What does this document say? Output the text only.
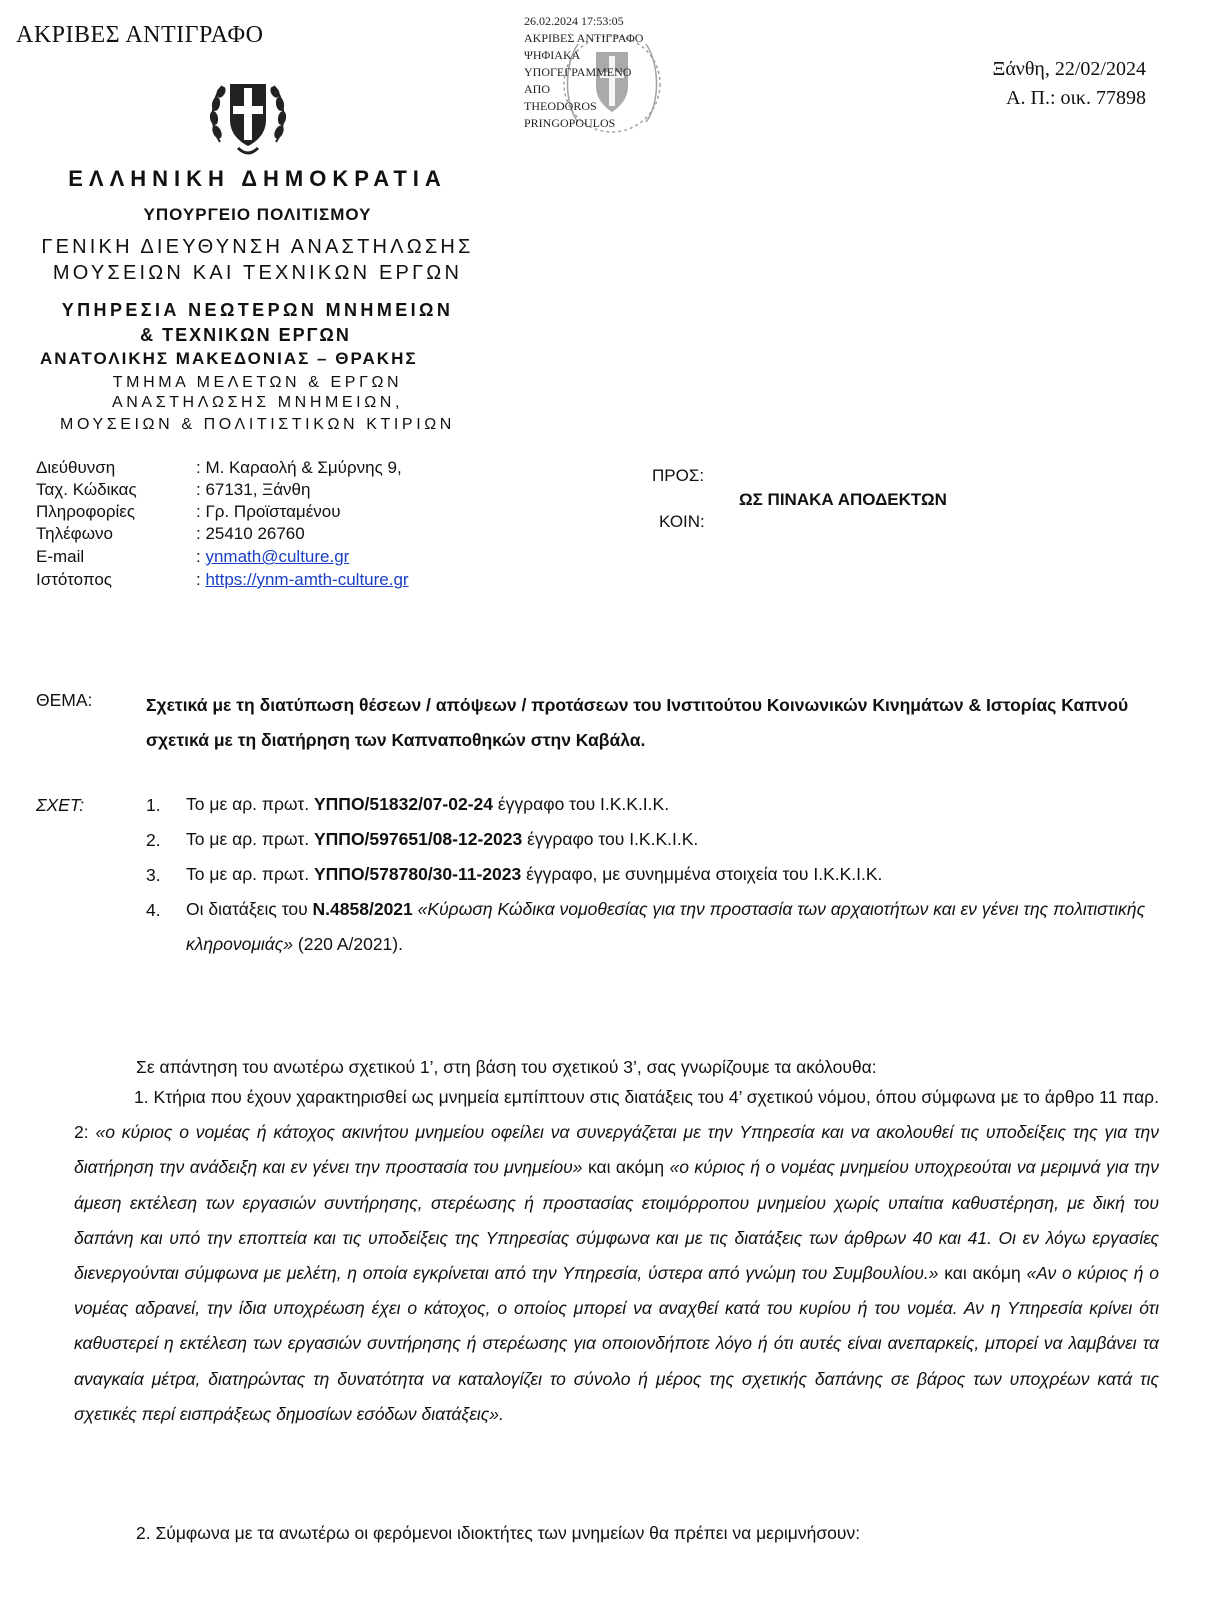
ΑΚΡΙΒΕΣ ΑΝΤΙΓΡΑΦΟ
ΕΛΛΗΝΙΚΗ ΔΗΜΟΚΡΑΤΙΑ
ΥΠΟΥΡΓΕΙΟ ΠΟΛΙΤΙΣΜΟΥ
ΓΕΝΙΚΗ ΔΙΕΥΘΥΝΣΗ ΑΝΑΣΤΗΛΩΣΗΣ
ΜΟΥΣΕΙΩΝ ΚΑΙ ΤΕΧΝΙΚΩΝ ΕΡΓΩΝ
ΥΠΗΡΕΣΙΑ ΝΕΩΤΕΡΩΝ ΜΝΗΜΕΙΩΝ
& ΤΕΧΝΙΚΩΝ ΕΡΓΩΝ
ΑΝΑΤΟΛΙΚΗΣ ΜΑΚΕΔΟΝΙΑΣ – ΘΡΑΚΗΣ
ΤΜΗΜΑ ΜΕΛΕΤΩΝ & ΕΡΓΩΝ
ΑΝΑΣΤΗΛΩΣΗΣ ΜΝΗΜΕΙΩΝ,
ΜΟΥΣΕΙΩΝ & ΠΟΛΙΤΙΣΤΙΚΩΝ ΚΤΙΡΙΩΝ
26.02.2024 17:53:05
ΑΚΡΙΒΕΣ ΑΝΤΙΓΡΑΦΟ
ΨΗΦΙΑΚΑ
ΥΠΟΓΕΓΡΑΜΜΕΝΟ
ΑΠΟ
THEODOROS
PRINGOPOULOS
Ξάνθη, 22/02/2024
Α. Π.: οικ. 77898
Διεύθυνση	: Μ. Καραολή & Σμύρνης 9,
Ταχ. Κώδικας	: 67131, Ξάνθη
Πληροφορίες	: Γρ. Προϊσταμένου
Τηλέφωνο	: 25410 26760
E-mail	: ynmath@culture.gr
Ιστότοπος	: https://ynm-amth-culture.gr
ΠΡΟΣ:
ΩΣ ΠΙΝΑΚΑ ΑΠΟΔΕΚΤΩΝ
ΚΟΙΝ:
ΘΕΜΑ:	Σχετικά με τη διατύπωση θέσεων / απόψεων / προτάσεων του Ινστιτούτου Κοινωνικών Κινημάτων & Ιστορίας Καπνού σχετικά με τη διατήρηση των Καπναποθηκών στην Καβάλα.
ΣΧΕΤ:	1. Το με αρ. πρωτ. ΥΠΠΟ/51832/07-02-24 έγγραφο του Ι.Κ.Κ.Ι.Κ.
2. Το με αρ. πρωτ. ΥΠΠΟ/597651/08-12-2023 έγγραφο του Ι.Κ.Κ.Ι.Κ.
3. Το με αρ. πρωτ. ΥΠΠΟ/578780/30-11-2023 έγγραφο, με συνημμένα στοιχεία του Ι.Κ.Κ.Ι.Κ.
4. Οι διατάξεις του Ν.4858/2021 «Κύρωση Κώδικα νομοθεσίας για την προστασία των αρχαιοτήτων και εν γένει της πολιτιστικής κληρονομιάς» (220 Α/2021).
Σε απάντηση του ανωτέρω σχετικού 1’, στη βάση του σχετικού 3’, σας γνωρίζουμε τα ακόλουθα:
1. Κτήρια που έχουν χαρακτηρισθεί ως μνημεία εμπίπτουν στις διατάξεις του 4’ σχετικού νόμου, όπου σύμφωνα με το άρθρο 11 παρ. 2: «ο κύριος ο νομέας ή κάτοχος ακινήτου μνημείου οφείλει να συνεργάζεται με την Υπηρεσία και να ακολουθεί τις υποδείξεις της για την διατήρηση την ανάδειξη και εν γένει την προστασία του μνημείου» και ακόμη «ο κύριος ή ο νομέας μνημείου υποχρεούται να μεριμνά για την άμεση εκτέλεση των εργασιών συντήρησης, στερέωσης ή προστασίας ετοιμόρροπου μνημείου χωρίς υπαίτια καθυστέρηση, με δική του δαπάνη και υπό την εποπτεία και τις υποδείξεις της Υπηρεσίας σύμφωνα και με τις διατάξεις των άρθρων 40 και 41. Οι εν λόγω εργασίες διενεργούνται σύμφωνα με μελέτη, η οποία εγκρίνεται από την Υπηρεσία, ύστερα από γνώμη του Συμβουλίου.» και ακόμη «Αν ο κύριος ή ο νομέας αδρανεί, την ίδια υποχρέωση έχει ο κάτοχος, ο οποίος μπορεί να αναχθεί κατά του κυρίου ή του νομέα. Αν η Υπηρεσία κρίνει ότι καθυστερεί η εκτέλεση των εργασιών συντήρησης ή στερέωσης για οποιονδήποτε λόγο ή ότι αυτές είναι ανεπαρκείς, μπορεί να λαμβάνει τα αναγκαία μέτρα, διατηρώντας τη δυνατότητα να καταλογίζει το σύνολο ή μέρος της σχετικής δαπάνης σε βάρος των υποχρέων κατά τις σχετικές περί εισπράξεως δημοσίων εσόδων διατάξεις».
2. Σύμφωνα με τα ανωτέρω οι φερόμενοι ιδιοκτήτες των μνημείων θα πρέπει να μεριμνήσουν:
